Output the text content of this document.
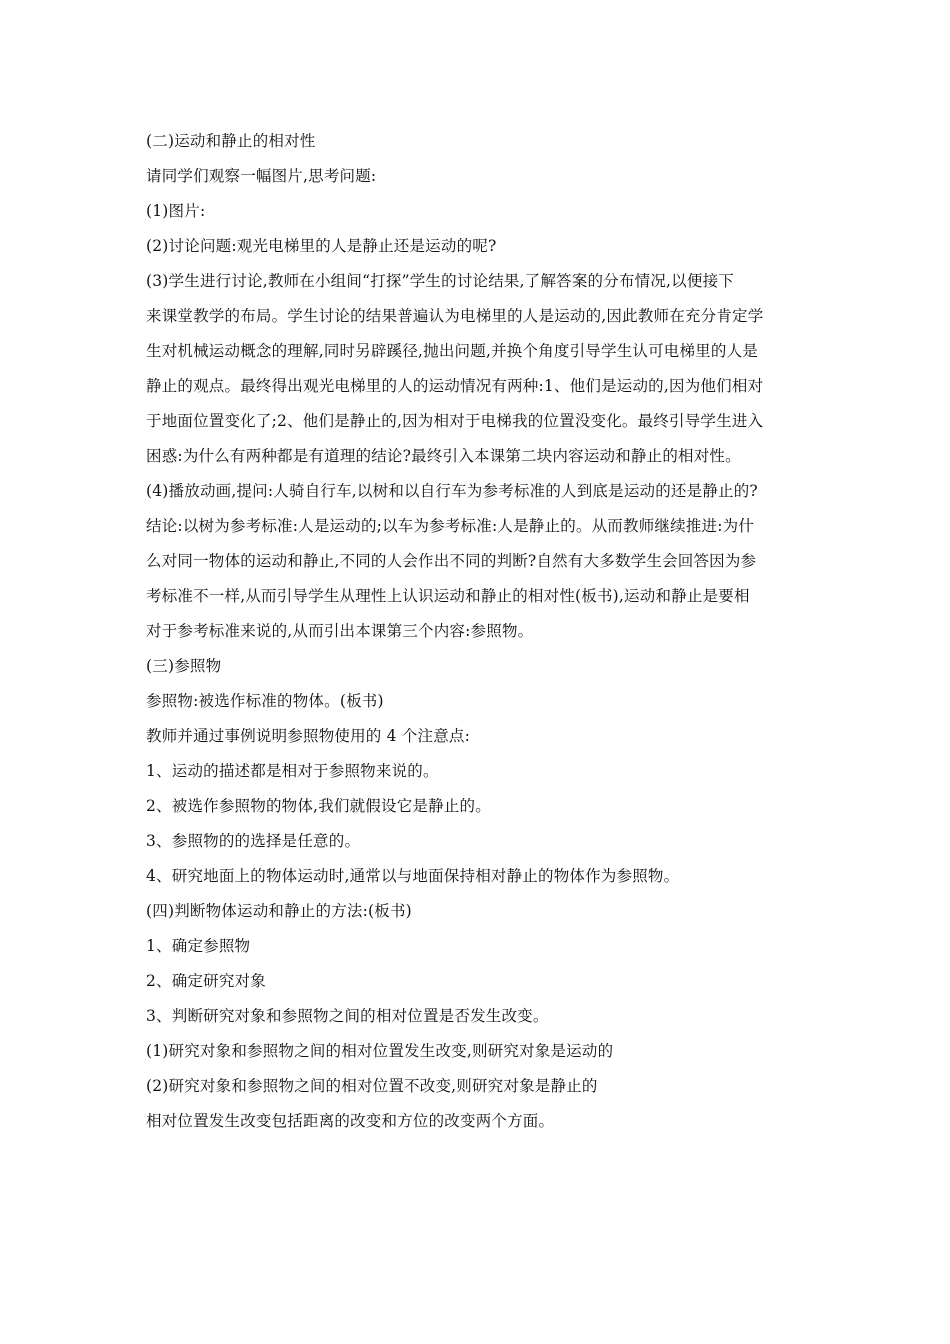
(二)运动和静止的相对性
请同学们观察一幅图片,思考问题:
(1)图片:
(2)讨论问题:观光电梯里的人是静止还是运动的呢?
(3)学生进行讨论,教师在小组间“打探”学生的讨论结果,了解答案的分布情况,以便接下
来课堂教学的布局。学生讨论的结果普遍认为电梯里的人是运动的,因此教师在充分肯定学
生对机械运动概念的理解,同时另辟蹊径,抛出问题,并换个角度引导学生认可电梯里的人是
静止的观点。最终得出观光电梯里的人的运动情况有两种:1、他们是运动的,因为他们相对
于地面位置变化了;2、他们是静止的,因为相对于电梯我的位置没变化。最终引导学生进入
困惑:为什么有两种都是有道理的结论?最终引入本课第二块内容运动和静止的相对性。
(4)播放动画,提问:人骑自行车,以树和以自行车为参考标准的人到底是运动的还是静止的?
结论:以树为参考标准:人是运动的;以车为参考标准:人是静止的。从而教师继续推进:为什
么对同一物体的运动和静止,不同的人会作出不同的判断?自然有大多数学生会回答因为参
考标准不一样,从而引导学生从理性上认识运动和静止的相对性(板书),运动和静止是要相
对于参考标准来说的,从而引出本课第三个内容:参照物。
(三)参照物
参照物:被选作标准的物体。(板书)
教师并通过事例说明参照物使用的 4 个注意点:
1、运动的描述都是相对于参照物来说的。
2、被选作参照物的物体,我们就假设它是静止的。
3、参照物的的选择是任意的。
4、研究地面上的物体运动时,通常以与地面保持相对静止的物体作为参照物。
(四)判断物体运动和静止的方法:(板书)
1、确定参照物
2、确定研究对象
3、判断研究对象和参照物之间的相对位置是否发生改变。
(1)研究对象和参照物之间的相对位置发生改变,则研究对象是运动的
(2)研究对象和参照物之间的相对位置不改变,则研究对象是静止的
相对位置发生改变包括距离的改变和方位的改变两个方面。
